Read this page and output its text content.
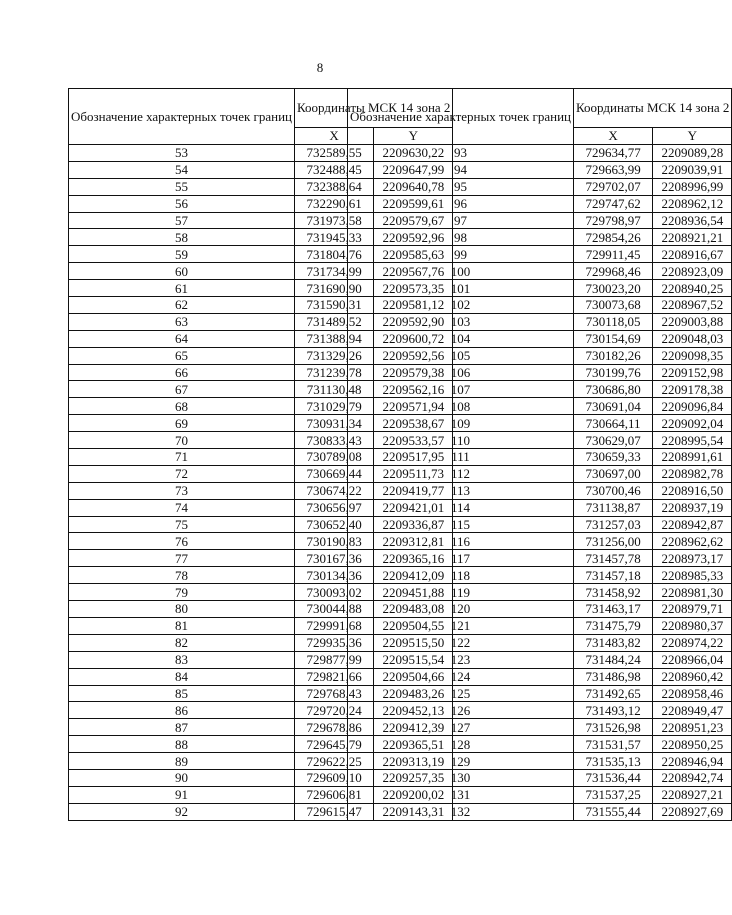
8
Обозначение характерных точек границ	Координаты МСК 14 зона 2	
	X	Y
53	732589,55	2209630,22
54	732488,45	2209647,99
55	732388,64	2209640,78
56	732290,61	2209599,61
57	731973,58	2209579,67
58	731945,33	2209592,96
59	731804,76	2209585,63
60	731734,99	2209567,76
61	731690,90	2209573,35
62	731590,31	2209581,12
63	731489,52	2209592,90
64	731388,94	2209600,72
65	731329,26	2209592,56
66	731239,78	2209579,38
67	731130,48	2209562,16
68	731029,79	2209571,94
69	730931,34	2209538,67
70	730833,43	2209533,57
71	730789,08	2209517,95
72	730669,44	2209511,73
73	730674,22	2209419,77
74	730656,97	2209421,01
75	730652,40	2209336,87
76	730190,83	2209312,81
77	730167,36	2209365,16
78	730134,36	2209412,09
79	730093,02	2209451,88
80	730044,88	2209483,08
81	729991,68	2209504,55
82	729935,36	2209515,50
83	729877,99	2209515,54
84	729821,66	2209504,66
85	729768,43	2209483,26
86	729720,24	2209452,13
87	729678,86	2209412,39
88	729645,79	2209365,51
89	729622,25	2209313,19
90	729609,10	2209257,35
91	729606,81	2209200,02
92	729615,47	2209143,31
Обозначение характерных точек границ	Координаты МСК 14 зона 2	
	X	Y
93	729634,77	2209089,28
94	729663,99	2209039,91
95	729702,07	2208996,99
96	729747,62	2208962,12
97	729798,97	2208936,54
98	729854,26	2208921,21
99	729911,45	2208916,67
100	729968,46	2208923,09
101	730023,20	2208940,25
102	730073,68	2208967,52
103	730118,05	2209003,88
104	730154,69	2209048,03
105	730182,26	2209098,35
106	730199,76	2209152,98
107	730686,80	2209178,38
108	730691,04	2209096,84
109	730664,11	2209092,04
110	730629,07	2208995,54
111	730659,33	2208991,61
112	730697,00	2208982,78
113	730700,46	2208916,50
114	731138,87	2208937,19
115	731257,03	2208942,87
116	731256,00	2208962,62
117	731457,78	2208973,17
118	731457,18	2208985,33
119	731458,92	2208981,30
120	731463,17	2208979,71
121	731475,79	2208980,37
122	731483,82	2208974,22
123	731484,24	2208966,04
124	731486,98	2208960,42
125	731492,65	2208958,46
126	731493,12	2208949,47
127	731526,98	2208951,23
128	731531,57	2208950,25
129	731535,13	2208946,94
130	731536,44	2208942,74
131	731537,25	2208927,21
132	731555,44	2208927,69
